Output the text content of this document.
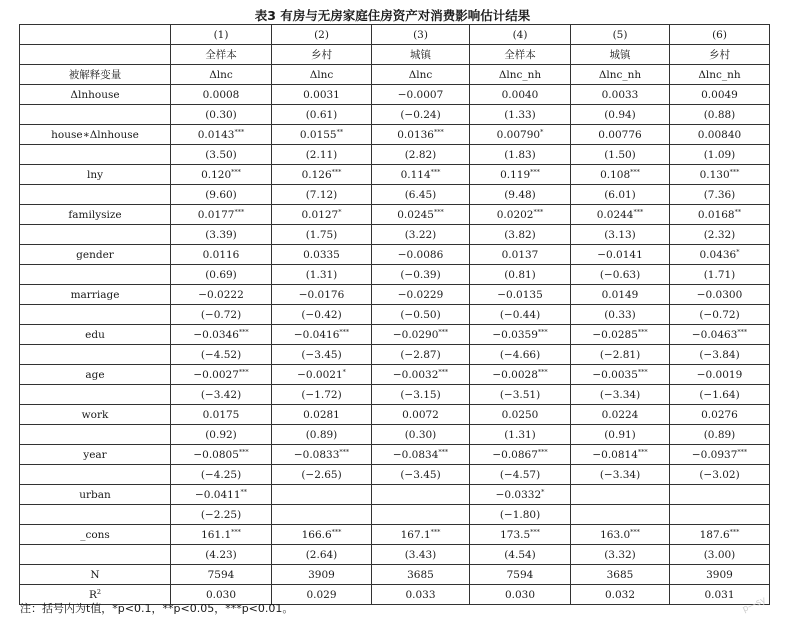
表3 有房与无房家庭住房资产对消费影响估计结果
	(1)	(2)	(3)	(4)	(5)	(6)
	全样本	乡村	城镇	全样本	城镇	乡村
被解释变量	Δlnc	Δlnc	Δlnc	Δlnc_nh	Δlnc_nh	Δlnc_nh
Δlnhouse	0.0008	0.0031	−0.0007	0.0040	0.0033	0.0049
	(0.30)	(0.61)	(−0.24)	(1.33)	(0.94)	(0.88)
house∗Δlnhouse	0.0143***	0.0155**	0.0136***	0.00790*	0.00776	0.00840
	(3.50)	(2.11)	(2.82)	(1.83)	(1.50)	(1.09)
lny	0.120***	0.126***	0.114***	0.119***	0.108***	0.130***
	(9.60)	(7.12)	(6.45)	(9.48)	(6.01)	(7.36)
familysize	0.0177***	0.0127*	0.0245***	0.0202***	0.0244***	0.0168**
	(3.39)	(1.75)	(3.22)	(3.82)	(3.13)	(2.32)
gender	0.0116	0.0335	−0.0086	0.0137	−0.0141	0.0436*
	(0.69)	(1.31)	(−0.39)	(0.81)	(−0.63)	(1.71)
marriage	−0.0222	−0.0176	−0.0229	−0.0135	0.0149	−0.0300
	(−0.72)	(−0.42)	(−0.50)	(−0.44)	(0.33)	(−0.72)
edu	−0.0346***	−0.0416***	−0.0290***	−0.0359***	−0.0285***	−0.0463***
	(−4.52)	(−3.45)	(−2.87)	(−4.66)	(−2.81)	(−3.84)
age	−0.0027***	−0.0021*	−0.0032***	−0.0028***	−0.0035***	−0.0019
	(−3.42)	(−1.72)	(−3.15)	(−3.51)	(−3.34)	(−1.64)
work	0.0175	0.0281	0.0072	0.0250	0.0224	0.0276
	(0.92)	(0.89)	(0.30)	(1.31)	(0.91)	(0.89)
year	−0.0805***	−0.0833***	−0.0834***	−0.0867***	−0.0814***	−0.0937***
	(−4.25)	(−2.65)	(−3.45)	(−4.57)	(−3.34)	(−3.02)
urban	−0.0411**			−0.0332*		
	(−2.25)			(−1.80)		
_cons	161.1***	166.6***	167.1***	173.5***	163.0***	187.6***
	(4.23)	(2.64)	(3.43)	(4.54)	(3.32)	(3.00)
N	7594	3909	3685	7594	3685	3909
$R^2$	0.030	0.029	0.033	0.030	0.032	0.031
注：括号内为t值，*p<0.1，**p<0.05，***p<0.01。	p—sy
